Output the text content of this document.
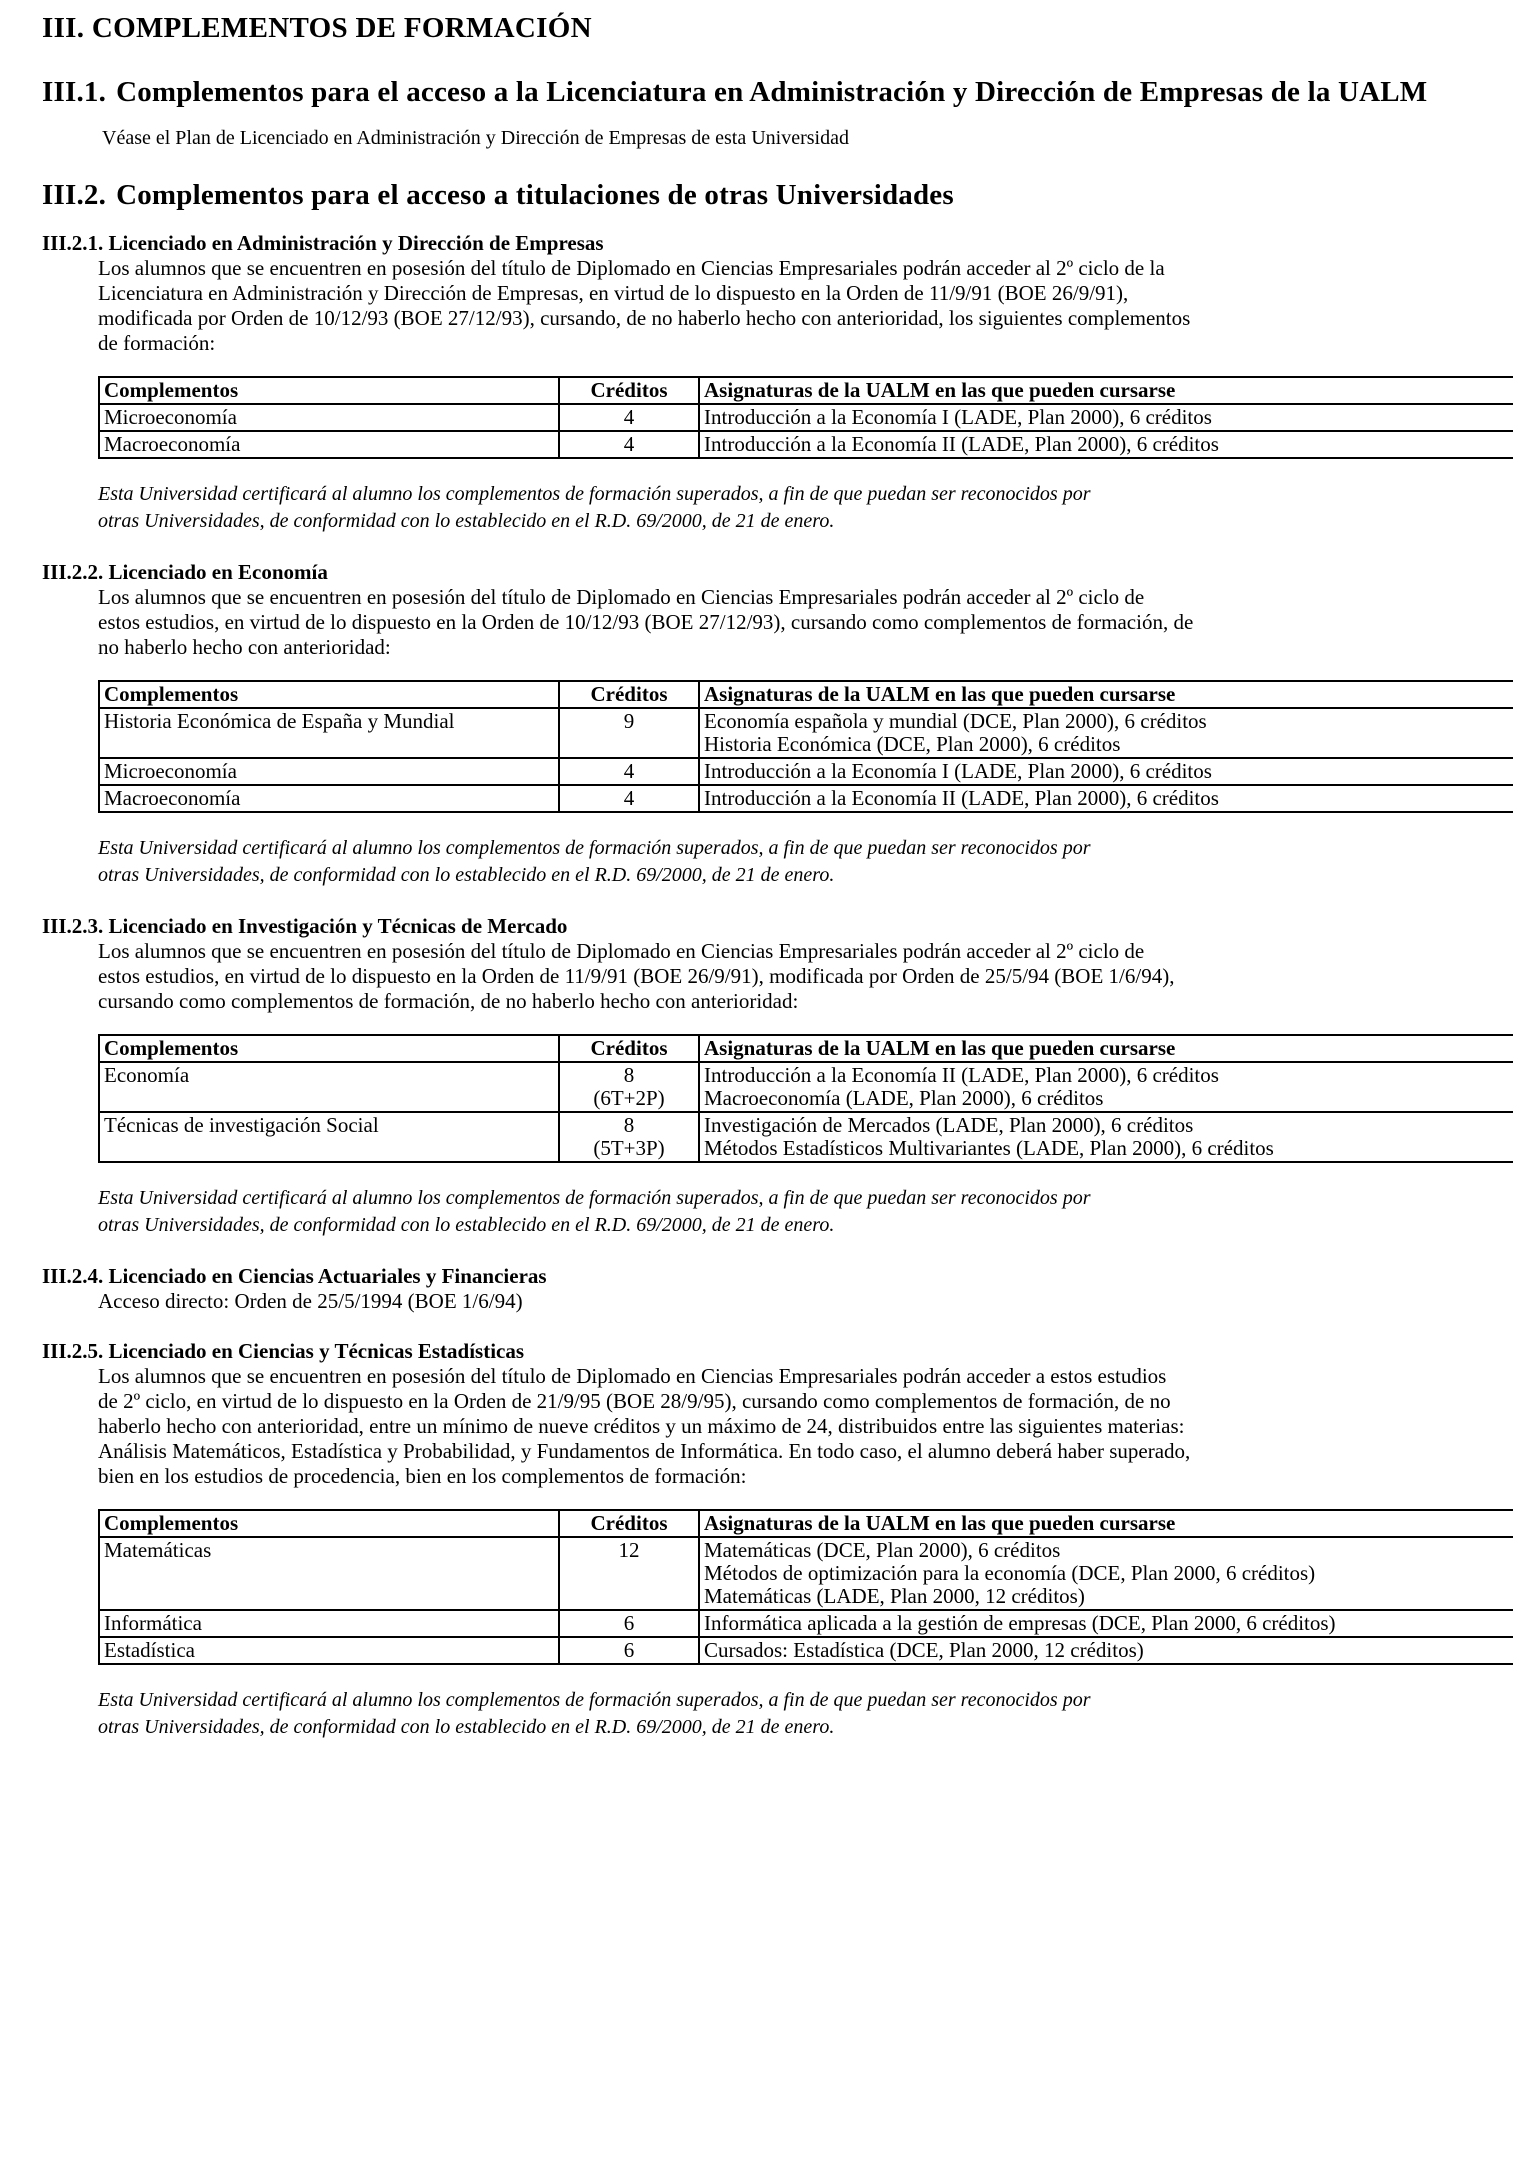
III. COMPLEMENTOS DE FORMACIÓN
III.1. Complementos para el acceso a la Licenciatura en Administración y Dirección de Empresas de la UALM
Véase el Plan de Licenciado en Administración y Dirección de Empresas de esta Universidad
III.2. Complementos para el acceso a titulaciones de otras Universidades
III.2.1. Licenciado en Administración y Dirección de Empresas
Los alumnos que se encuentren en posesión del título de Diplomado en Ciencias Empresariales podrán acceder al 2º ciclo de la
Licenciatura en Administración y Dirección de Empresas, en virtud de lo dispuesto en la Orden de 11/9/91 (BOE 26/9/91),
modificada por Orden de 10/12/93 (BOE 27/12/93), cursando, de no haberlo hecho con anterioridad, los siguientes complementos
de formación:
Complementos	Créditos	Asignaturas de la UALM en las que pueden cursarse
Microeconomía	4	Introducción a la Economía I (LADE, Plan 2000), 6 créditos

Macroeconomía	4	Introducción a la Economía II (LADE, Plan 2000), 6 créditos
Esta Universidad certificará al alumno los complementos de formación superados, a fin de que puedan ser reconocidos por
otras Universidades, de conformidad con lo establecido en el R.D. 69/2000, de 21 de enero.
III.2.2. Licenciado en Economía
Los alumnos que se encuentren en posesión del título de Diplomado en Ciencias Empresariales podrán acceder al 2º ciclo de
estos estudios, en virtud de lo dispuesto en la Orden de 10/12/93 (BOE 27/12/93), cursando como complementos de formación, de
no haberlo hecho con anterioridad:
Complementos	Créditos	Asignaturas de la UALM en las que pueden cursarse
Historia Económica de España y Mundial	9	Economía española y mundial (DCE, Plan 2000), 6 créditos
Historia Económica (DCE, Plan 2000), 6 créditos

Microeconomía	4	Introducción a la Economía I (LADE, Plan 2000), 6 créditos

Macroeconomía	4	Introducción a la Economía II (LADE, Plan 2000), 6 créditos
Esta Universidad certificará al alumno los complementos de formación superados, a fin de que puedan ser reconocidos por
otras Universidades, de conformidad con lo establecido en el R.D. 69/2000, de 21 de enero.
III.2.3. Licenciado en Investigación y Técnicas de Mercado
Los alumnos que se encuentren en posesión del título de Diplomado en Ciencias Empresariales podrán acceder al 2º ciclo de
estos estudios, en virtud de lo dispuesto en la Orden de 11/9/91 (BOE 26/9/91), modificada por Orden de 25/5/94 (BOE 1/6/94),
cursando como complementos de formación, de no haberlo hecho con anterioridad:
Complementos	Créditos	Asignaturas de la UALM en las que pueden cursarse
Economía	8
(6T+2P)	Introducción a la Economía II (LADE, Plan 2000), 6 créditos
Macroeconomía (LADE, Plan 2000), 6 créditos

Técnicas de investigación Social	8
(5T+3P)	Investigación de Mercados (LADE, Plan 2000), 6 créditos
Métodos Estadísticos Multivariantes (LADE, Plan 2000), 6 créditos
Esta Universidad certificará al alumno los complementos de formación superados, a fin de que puedan ser reconocidos por
otras Universidades, de conformidad con lo establecido en el R.D. 69/2000, de 21 de enero.
III.2.4. Licenciado en Ciencias Actuariales y Financieras
Acceso directo: Orden de 25/5/1994 (BOE 1/6/94)
III.2.5. Licenciado en Ciencias y Técnicas Estadísticas
Los alumnos que se encuentren en posesión del título de Diplomado en Ciencias Empresariales podrán acceder a estos estudios
de 2º ciclo, en virtud de lo dispuesto en la Orden de 21/9/95 (BOE 28/9/95), cursando como complementos de formación, de no
haberlo hecho con anterioridad, entre un mínimo de nueve créditos y un máximo de 24, distribuidos entre las siguientes materias:
Análisis Matemáticos, Estadística y Probabilidad, y Fundamentos de Informática. En todo caso, el alumno deberá haber superado,
bien en los estudios de procedencia, bien en los complementos de formación:
Complementos	Créditos	Asignaturas de la UALM en las que pueden cursarse
Matemáticas	12	Matemáticas (DCE, Plan 2000), 6 créditos
Métodos de optimización para la economía (DCE, Plan 2000, 6 créditos)
Matemáticas (LADE, Plan 2000, 12 créditos)

Informática	6	Informática aplicada a la gestión de empresas (DCE, Plan 2000, 6 créditos)

Estadística	6	Cursados: Estadística (DCE, Plan 2000, 12 créditos)
Esta Universidad certificará al alumno los complementos de formación superados, a fin de que puedan ser reconocidos por
otras Universidades, de conformidad con lo establecido en el R.D. 69/2000, de 21 de enero.
